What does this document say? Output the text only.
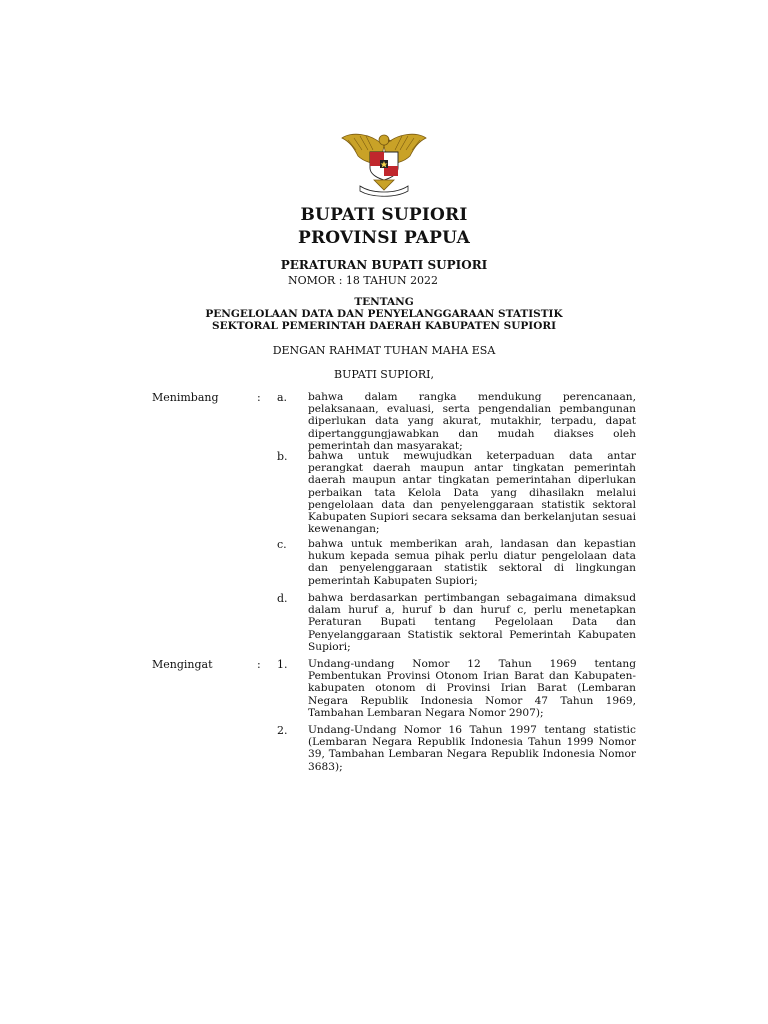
BUPATI SUPIORI
PROVINSI PAPUA
PERATURAN BUPATI SUPIORI
NOMOR : 18 TAHUN 2022
TENTANG
PENGELOLAAN DATA DAN PENYELANGGARAAN STATISTIK
SEKTORAL PEMERINTAH DAERAH KABUPATEN SUPIORI
DENGAN RAHMAT TUHAN MAHA ESA
BUPATI SUPIORI,
Menimbang	: a. bahwa dalam rangka mendukung perencanaan, pelaksanaan, evaluasi, serta pengendalian pembangunan diperlukan data yang akurat, mutakhir, terpadu, dapat dipertanggungjawabkan dan mudah diakses oleh pemerintah dan masyarakat;
b. bahwa untuk mewujudkan keterpaduan data antar perangkat daerah maupun antar tingkatan pemerintah daerah maupun antar tingkatan pemerintahan diperlukan perbaikan tata Kelola Data yang dihasilakn melalui pengelolaan data dan penyelenggaraan statistik sektoral Kabupaten Supiori secara seksama dan berkelanjutan sesuai kewenangan;
c. bahwa untuk memberikan arah, landasan dan kepastian hukum kepada semua pihak perlu diatur pengelolaan data dan penyelenggaraan statistik sektoral di lingkungan pemerintah Kabupaten Supiori;
d. bahwa berdasarkan pertimbangan sebagaimana dimaksud dalam huruf a, huruf b dan huruf c, perlu menetapkan Peraturan Bupati tentang Pegelolaan Data dan Penyelanggaraan Statistik sektoral Pemerintah Kabupaten Supiori;
Mengingat	: 1. Undang-undang Nomor 12 Tahun 1969 tentang Pembentukan Provinsi Otonom Irian Barat dan Kabupaten-kabupaten otonom di Provinsi Irian Barat (Lembaran Negara Republik Indonesia Nomor 47 Tahun 1969, Tambahan Lembaran Negara Nomor 2907);
2. Undang-Undang Nomor 16 Tahun 1997 tentang statistic (Lembaran Negara Republik Indonesia Tahun 1999 Nomor 39, Tambahan Lembaran Negara Republik Indonesia Nomor 3683);
